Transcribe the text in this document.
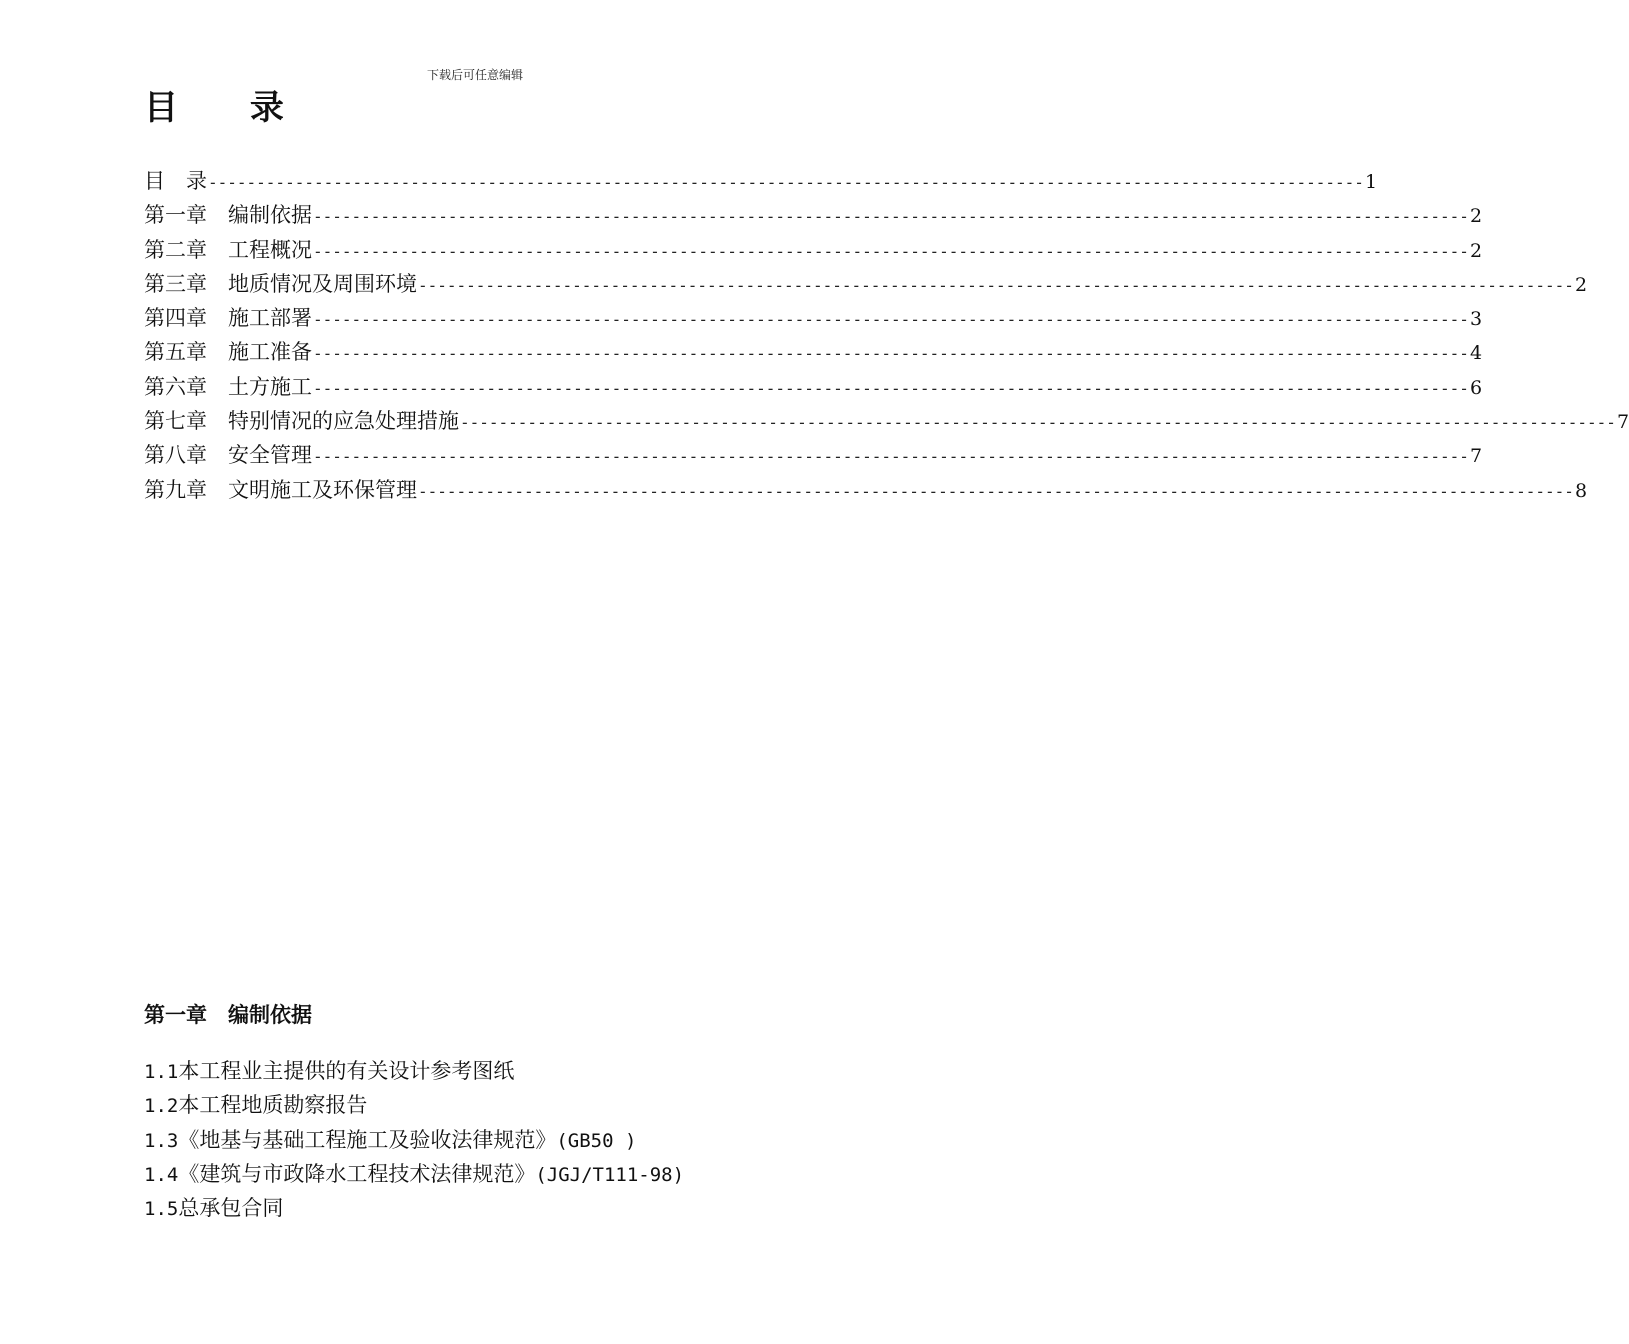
下载后可任意编辑
目 录
目　录 ------------------------------------------------------------------------------------------------------------------------ 1
第一章　编制依据 ------------------------------------------------------------------------------------------------------------------------ 2
第二章　工程概况 ------------------------------------------------------------------------------------------------------------------------ 2
第三章　地质情况及周围环境 ------------------------------------------------------------------------------------------------------------------------ 2
第四章　施工部署 ------------------------------------------------------------------------------------------------------------------------ 3
第五章　施工准备 ------------------------------------------------------------------------------------------------------------------------ 4
第六章　土方施工 ------------------------------------------------------------------------------------------------------------------------ 6
第七章　特别情况的应急处理措施 ------------------------------------------------------------------------------------------------------------------------ 7
第八章　安全管理 ------------------------------------------------------------------------------------------------------------------------ 7
第九章　文明施工及环保管理 ------------------------------------------------------------------------------------------------------------------------ 8
第一章　编制依据
1.1本工程业主提供的有关设计参考图纸
1.2本工程地质勘察报告
1.3《地基与基础工程施工及验收法律规范》(GB50 )
1.4《建筑与市政降水工程技术法律规范》(JGJ/T111-98)
1.5总承包合同
